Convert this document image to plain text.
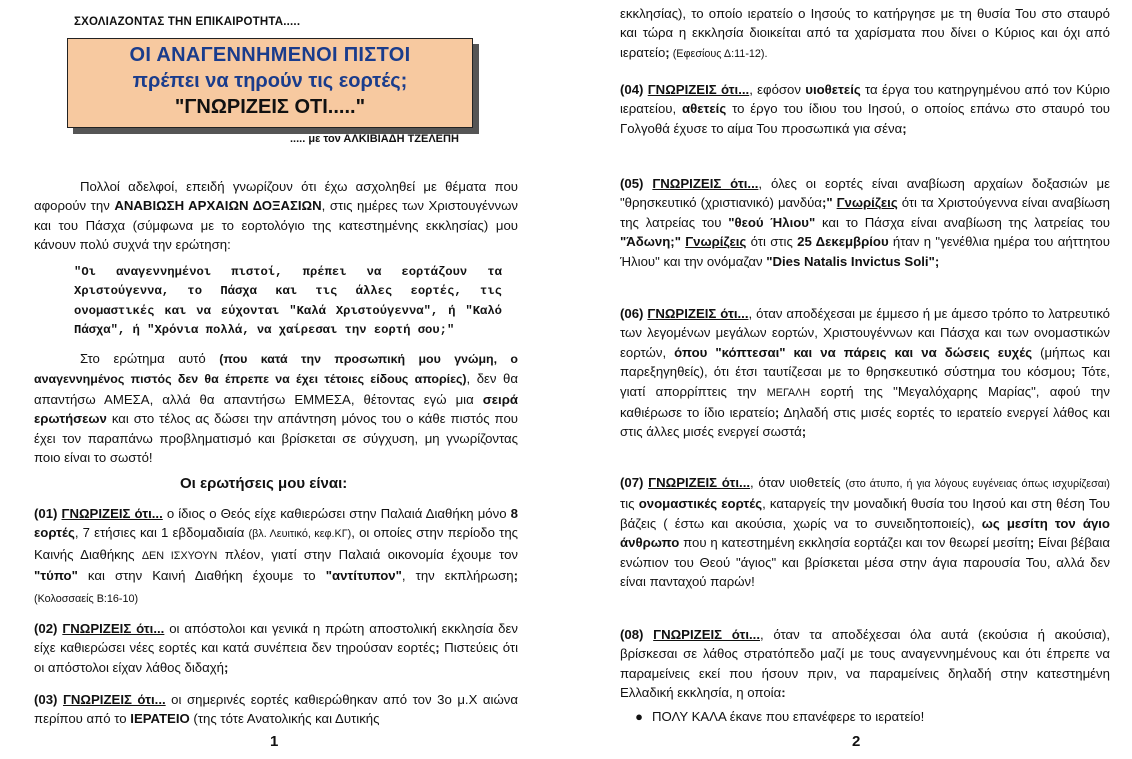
ΣΧΟΛΙΑΖΟΝΤΑΣ ΤΗΝ ΕΠΙΚΑΙΡΟΤΗΤΑ.....
ΟΙ ΑΝΑΓΕΝΝΗΜΕΝΟΙ ΠΙΣΤΟΙ
πρέπει να τηρούν τις εορτές;
"ΓΝΩΡΙΖΕΙΣ ΟΤΙ....."
..... με τον ΑΛΚΙΒΙΑΔΗ ΤΖΕΛΕΠΗ

Πολλοί αδελφοί, επειδή γνωρίζουν ότι έχω ασχοληθεί με θέματα που αφορούν την ΑΝΑΒΙΩΣΗ ΑΡΧΑΙΩΝ ΔΟΞΑΣΙΩΝ, στις ημέρες των Χριστουγέννων και του Πάσχα (σύμφωνα με το εορτολόγιο της κατεστημένης εκκλησίας) μου κάνουν πολύ συχνά την ερώτηση:

"Οι αναγεννημένοι πιστοί, πρέπει να εορτάζουν τα Χριστούγεννα, το Πάσχα και τις άλλες εορτές, τις ονομαστικές και να εύχονται "Καλά Χριστούγεννα", ή "Καλό Πάσχα", ή "Χρόνια πολλά, να χαίρεσαι την εορτή σου;"

Στο ερώτημα αυτό (που κατά την προσωπική μου γνώμη, ο αναγεννημένος πιστός δεν θα έπρεπε να έχει τέτοιες είδους απορίες), δεν θα απαντήσω ΑΜΕΣΑ, αλλά θα απαντήσω ΕΜΜΕΣΑ, θέτοντας εγώ μια σειρά ερωτήσεων και στο τέλος ας δώσει την απάντηση μόνος του ο κάθε πιστός που έχει τον παραπάνω προβληματισμό και βρίσκεται σε σύγχυση, μη γνωρίζοντας ποιο είναι το σωστό!

Οι ερωτήσεις μου είναι:

(01) ΓΝΩΡΙΖΕΙΣ ότι... ο ίδιος ο Θεός είχε καθιερώσει στην Παλαιά Διαθήκη μόνο 8 εορτές, 7 ετήσιες και 1 εβδομαδιαία (βλ. Λευιτικό, κεφ.ΚΓ), οι οποίες στην περίοδο της Καινής Διαθήκης ΔΕΝ ΙΣΧΥΟΥΝ πλέον, γιατί στην Παλαιά οικονομία έχουμε τον "τύπο" και στην Καινή Διαθήκη έχουμε το "αντίτυπον", την εκπλήρωση; (Κολοσσαείς Β:16-10)

(02) ΓΝΩΡΙΖΕΙΣ ότι... οι απόστολοι και γενικά η πρώτη αποστολική εκκλησία δεν είχε καθιερώσει νέες εορτές και κατά συνέπεια δεν τηρούσαν εορτές; Πιστεύεις ότι οι απόστολοι είχαν λάθος διδαχή;

(03) ΓΝΩΡΙΖΕΙΣ ότι... οι σημερινές εορτές καθιερώθηκαν από τον 3ο μ.Χ αιώνα περίπου από το ΙΕΡΑΤΕΙΟ (της τότε Ανατολικής και Δυτικής

1

εκκλησίας), το οποίο ιερατείο ο Ιησούς το κατήργησε με τη θυσία Του στο σταυρό και τώρα η εκκλησία διοικείται από τα χαρίσματα που δίνει ο Κύριος και όχι από ιερατείο; (Εφεσίους Δ:11-12).

(04) ΓΝΩΡΙΖΕΙΣ ότι..., εφόσον υιοθετείς τα έργα του κατηργημένου από τον Κύριο ιερατείου, αθετείς το έργο του ίδιου του Ιησού, ο οποίος επάνω στο σταυρό του Γολγοθά έχυσε το αίμα Του προσωπικά για σένα;

(05) ΓΝΩΡΙΖΕΙΣ ότι..., όλες οι εορτές είναι αναβίωση αρχαίων δοξασιών με "θρησκευτικό (χριστιανικό) μανδύα;" Γνωρίζεις ότι τα Χριστούγεννα είναι αναβίωση της λατρείας του "θεού Ήλιου" και το Πάσχα είναι αναβίωση της λατρείας του "Άδωνη;" Γνωρίζεις ότι στις 25 Δεκεμβρίου ήταν η "γενέθλια ημέρα του αήττητου Ήλιου" και την ονόμαζαν "Dies Natalis Invictus Soli";

(06) ΓΝΩΡΙΖΕΙΣ ότι..., όταν αποδέχεσαι με έμμεσο ή με άμεσο τρόπο το λατρευτικό των λεγομένων μεγάλων εορτών, Χριστουγέννων και Πάσχα και των ονομαστικών εορτών, όπου "κόπτεσαι" και να πάρεις και να δώσεις ευχές (μήπως και παρεξηγηθείς), ότι έτσι ταυτίζεσαι με το θρησκευτικό σύστημα του κόσμου; Τότε, γιατί απορρίπτεις την ΜΕΓΑΛΗ εορτή της "Μεγαλόχαρης Μαρίας", αφού την καθιέρωσε το ίδιο ιερατείο; Δηλαδή στις μισές εορτές το ιερατείο ενεργεί λάθος και στις άλλες μισές ενεργεί σωστά;

(07) ΓΝΩΡΙΖΕΙΣ ότι..., όταν υιοθετείς (στο άτυπο, ή για λόγους ευγένειας όπως ισχυρίζεσαι) τις ονομαστικές εορτές, καταργείς την μοναδική θυσία του Ιησού και στη θέση Του βάζεις ( έστω και ακούσια, χωρίς να το συνειδητοποιείς), ως μεσίτη τον άγιο άνθρωπο που η κατεστημένη εκκλησία εορτάζει και τον θεωρεί μεσίτη; Είναι βέβαια ενώπιον του Θεού "άγιος" και βρίσκεται μέσα στην άγια παρουσία Του, αλλά δεν είναι πανταχού παρών!

(08) ΓΝΩΡΙΖΕΙΣ ότι..., όταν τα αποδέχεσαι όλα αυτά (εκούσια ή ακούσια), βρίσκεσαι σε λάθος στρατόπεδο μαζί με τους αναγεννημένους και ότι έπρεπε να παραμείνεις εκεί που ήσουν πριν, να παραμείνεις δηλαδή στην κατεστημένη Ελλαδική εκκλησία, η οποία:

● ΠΟΛΥ ΚΑΛΑ έκανε που επανέφερε το ιερατείο!
2
